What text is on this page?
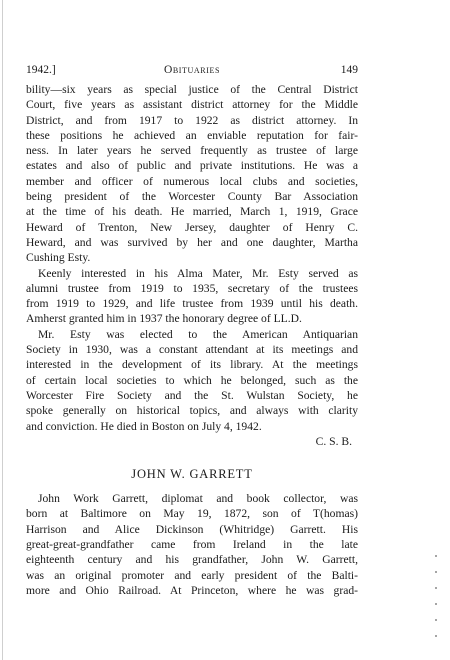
1942.]	Obituaries	149
bility—six years as special justice of the Central District
Court, five years as assistant district attorney for the Middle
District, and from 1917 to 1922 as district attorney. In
these positions he achieved an enviable reputation for fair-
ness. In later years he served frequently as trustee of large
estates and also of public and private institutions. He was a
member and officer of numerous local clubs and societies,
being president of the Worcester County Bar Association
at the time of his death. He married, March 1, 1919, Grace
Heward of Trenton, New Jersey, daughter of Henry C.
Heward, and was survived by her and one daughter, Martha
Cushing Esty.
Keenly interested in his Alma Mater, Mr. Esty served as
alumni trustee from 1919 to 1935, secretary of the trustees
from 1919 to 1929, and life trustee from 1939 until his death.
Amherst granted him in 1937 the honorary degree of LL.D.
Mr. Esty was elected to the American Antiquarian
Society in 1930, was a constant attendant at its meetings and
interested in the development of its library. At the meetings
of certain local societies to which he belonged, such as the
Worcester Fire Society and the St. Wulstan Society, he
spoke generally on historical topics, and always with clarity
and conviction. He died in Boston on July 4, 1942.
C. S. B.
JOHN W. GARRETT
John Work Garrett, diplomat and book collector, was
born at Baltimore on May 19, 1872, son of T(homas)
Harrison and Alice Dickinson (Whitridge) Garrett. His
great-great-grandfather came from Ireland in the late
eighteenth century and his grandfather, John W. Garrett,
was an original promoter and early president of the Balti-
more and Ohio Railroad. At Princeton, where he was grad-
